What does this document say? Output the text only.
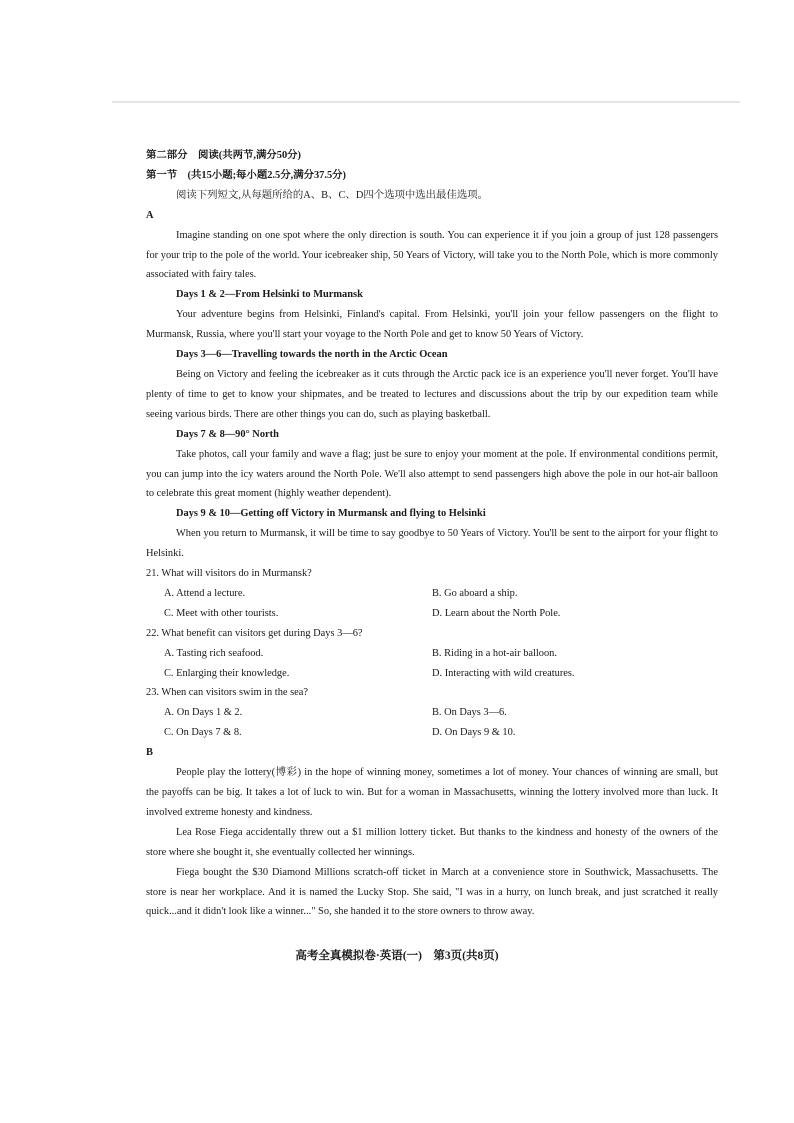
第二部分　阅读(共两节,满分50分)

第一节　(共15小题;每小题2.5分,满分37.5分)

阅读下列短文,从每题所给的A、B、C、D四个选项中选出最佳选项。

A

Imagine standing on one spot where the only direction is south. You can experience it if you join a group of just 128 passengers for your trip to the pole of the world. Your icebreaker ship, 50 Years of Victory, will take you to the North Pole, which is more commonly associated with fairy tales.

Days 1 & 2—From Helsinki to Murmansk

Your adventure begins from Helsinki, Finland's capital. From Helsinki, you'll join your fellow passengers on the flight to Murmansk, Russia, where you'll start your voyage to the North Pole and get to know 50 Years of Victory.

Days 3—6—Travelling towards the north in the Arctic Ocean

Being on Victory and feeling the icebreaker as it cuts through the Arctic pack ice is an experience you'll never forget. You'll have plenty of time to get to know your shipmates, and be treated to lectures and discussions about the trip by our expedition team while seeing various birds. There are other things you can do, such as playing basketball.

Days 7 & 8—90° North

Take photos, call your family and wave a flag; just be sure to enjoy your moment at the pole. If environmental conditions permit, you can jump into the icy waters around the North Pole. We'll also attempt to send passengers high above the pole in our hot-air balloon to celebrate this great moment (highly weather dependent).

Days 9 & 10—Getting off Victory in Murmansk and flying to Helsinki

When you return to Murmansk, it will be time to say goodbye to 50 Years of Victory. You'll be sent to the airport for your flight to Helsinki.

21. What will visitors do in Murmansk?

A. Attend a lecture.	B. Go aboard a ship.
C. Meet with other tourists.	D. Learn about the North Pole.

22. What benefit can visitors get during Days 3—6?

A. Tasting rich seafood.	B. Riding in a hot-air balloon.
C. Enlarging their knowledge.	D. Interacting with wild creatures.

23. When can visitors swim in the sea?

A. On Days 1 & 2.	B. On Days 3—6.
C. On Days 7 & 8.	D. On Days 9 & 10.

B

People play the lottery(博彩) in the hope of winning money, sometimes a lot of money. Your chances of winning are small, but the payoffs can be big. It takes a lot of luck to win. But for a woman in Massachusetts, winning the lottery involved more than luck. It involved extreme honesty and kindness.

Lea Rose Fiega accidentally threw out a $1 million lottery ticket. But thanks to the kindness and honesty of the owners of the store where she bought it, she eventually collected her winnings.

Fiega bought the $30 Diamond Millions scratch-off ticket in March at a convenience store in Southwick, Massachusetts. The store is near her workplace. And it is named the Lucky Stop. She said, "I was in a hurry, on lunch break, and just scratched it really quick...and it didn't look like a winner..." So, she handed it to the store owners to throw away.

高考全真模拟卷·英语(一)　第3页(共8页)
